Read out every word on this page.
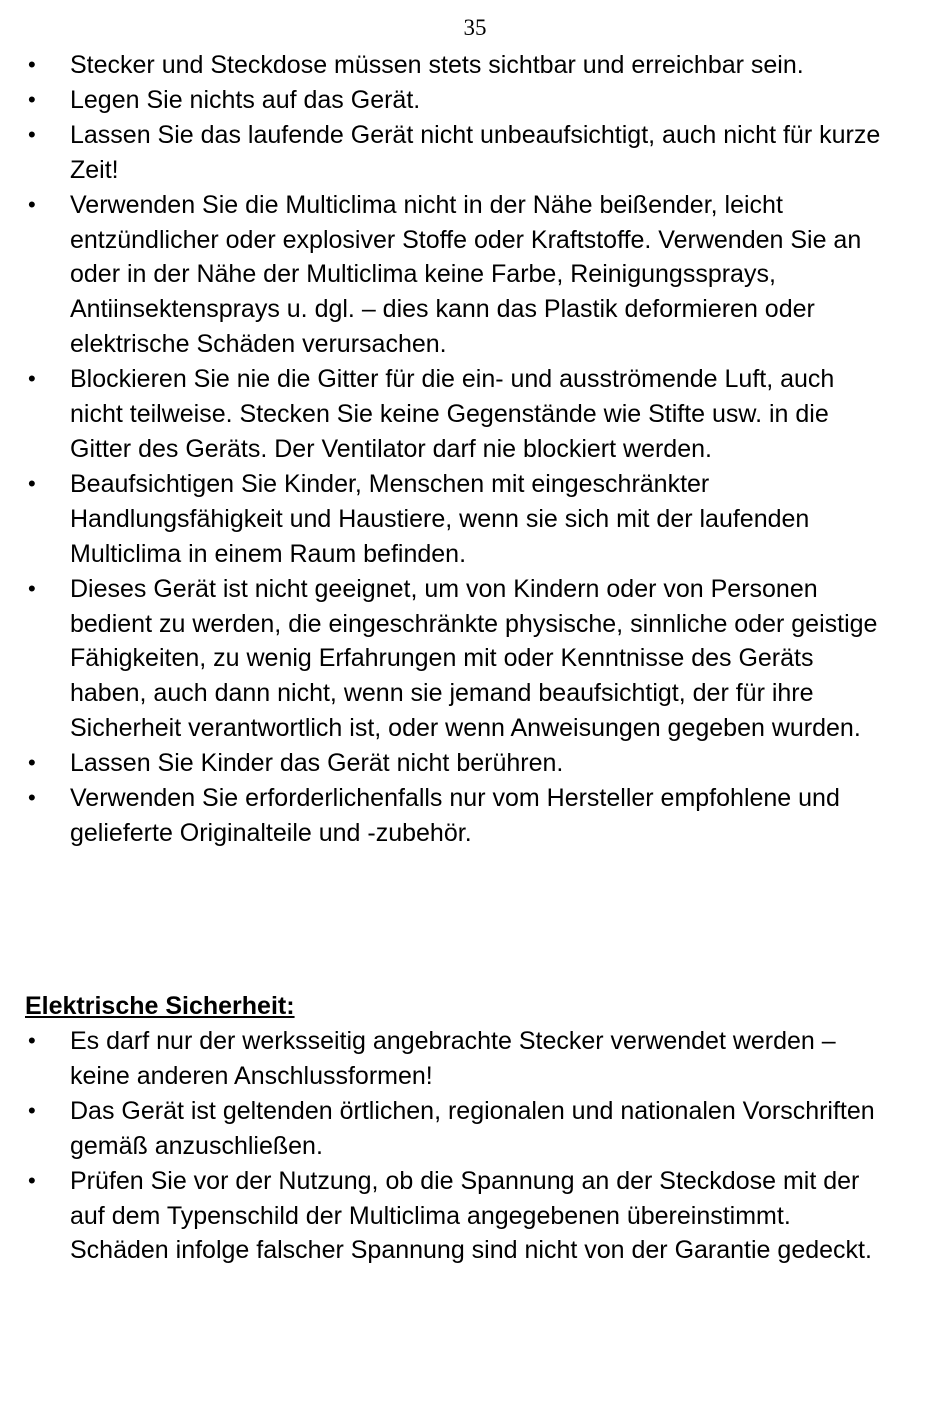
35
•	Stecker und Steckdose müssen stets sichtbar und erreichbar sein.
•	Legen Sie nichts auf das Gerät.
•	Lassen Sie das laufende Gerät nicht unbeaufsichtigt, auch nicht für kurze Zeit!
•	Verwenden Sie die Multiclima nicht in der Nähe beißender, leicht entzündlicher oder explosiver Stoffe oder Kraftstoffe. Verwenden Sie an oder in der Nähe der Multiclima keine Farbe, Reinigungssprays, Antiinsektensprays u. dgl. – dies kann das Plastik deformieren oder elektrische Schäden verursachen.
•	Blockieren Sie nie die Gitter für die ein- und ausströmende Luft, auch nicht teilweise. Stecken Sie keine Gegenstände wie Stifte usw. in die Gitter des Geräts. Der Ventilator darf nie blockiert werden.
•	Beaufsichtigen Sie Kinder, Menschen mit eingeschränkter Handlungsfähigkeit und Haustiere, wenn sie sich mit der laufenden Multiclima in einem Raum befinden.
•	Dieses Gerät ist nicht geeignet, um von Kindern oder von Personen bedient zu werden, die eingeschränkte physische, sinnliche oder geistige Fähigkeiten, zu wenig Erfahrungen mit oder Kenntnisse des Geräts haben, auch dann nicht, wenn sie jemand beaufsichtigt, der für ihre Sicherheit verantwortlich ist, oder wenn Anweisungen gegeben wurden.
•	Lassen Sie Kinder das Gerät nicht berühren.
•	Verwenden Sie erforderlichenfalls nur vom Hersteller empfohlene und gelieferte Originalteile und -zubehör.
Elektrische Sicherheit:
•	Es darf nur der werksseitig angebrachte Stecker verwendet werden – keine anderen Anschlussformen!
•	Das Gerät ist geltenden örtlichen, regionalen und nationalen Vorschriften gemäß anzuschließen.
•	Prüfen Sie vor der Nutzung, ob die Spannung an der Steckdose mit der auf dem Typenschild der Multiclima angegebenen übereinstimmt. Schäden infolge falscher Spannung sind nicht von der Garantie gedeckt.
